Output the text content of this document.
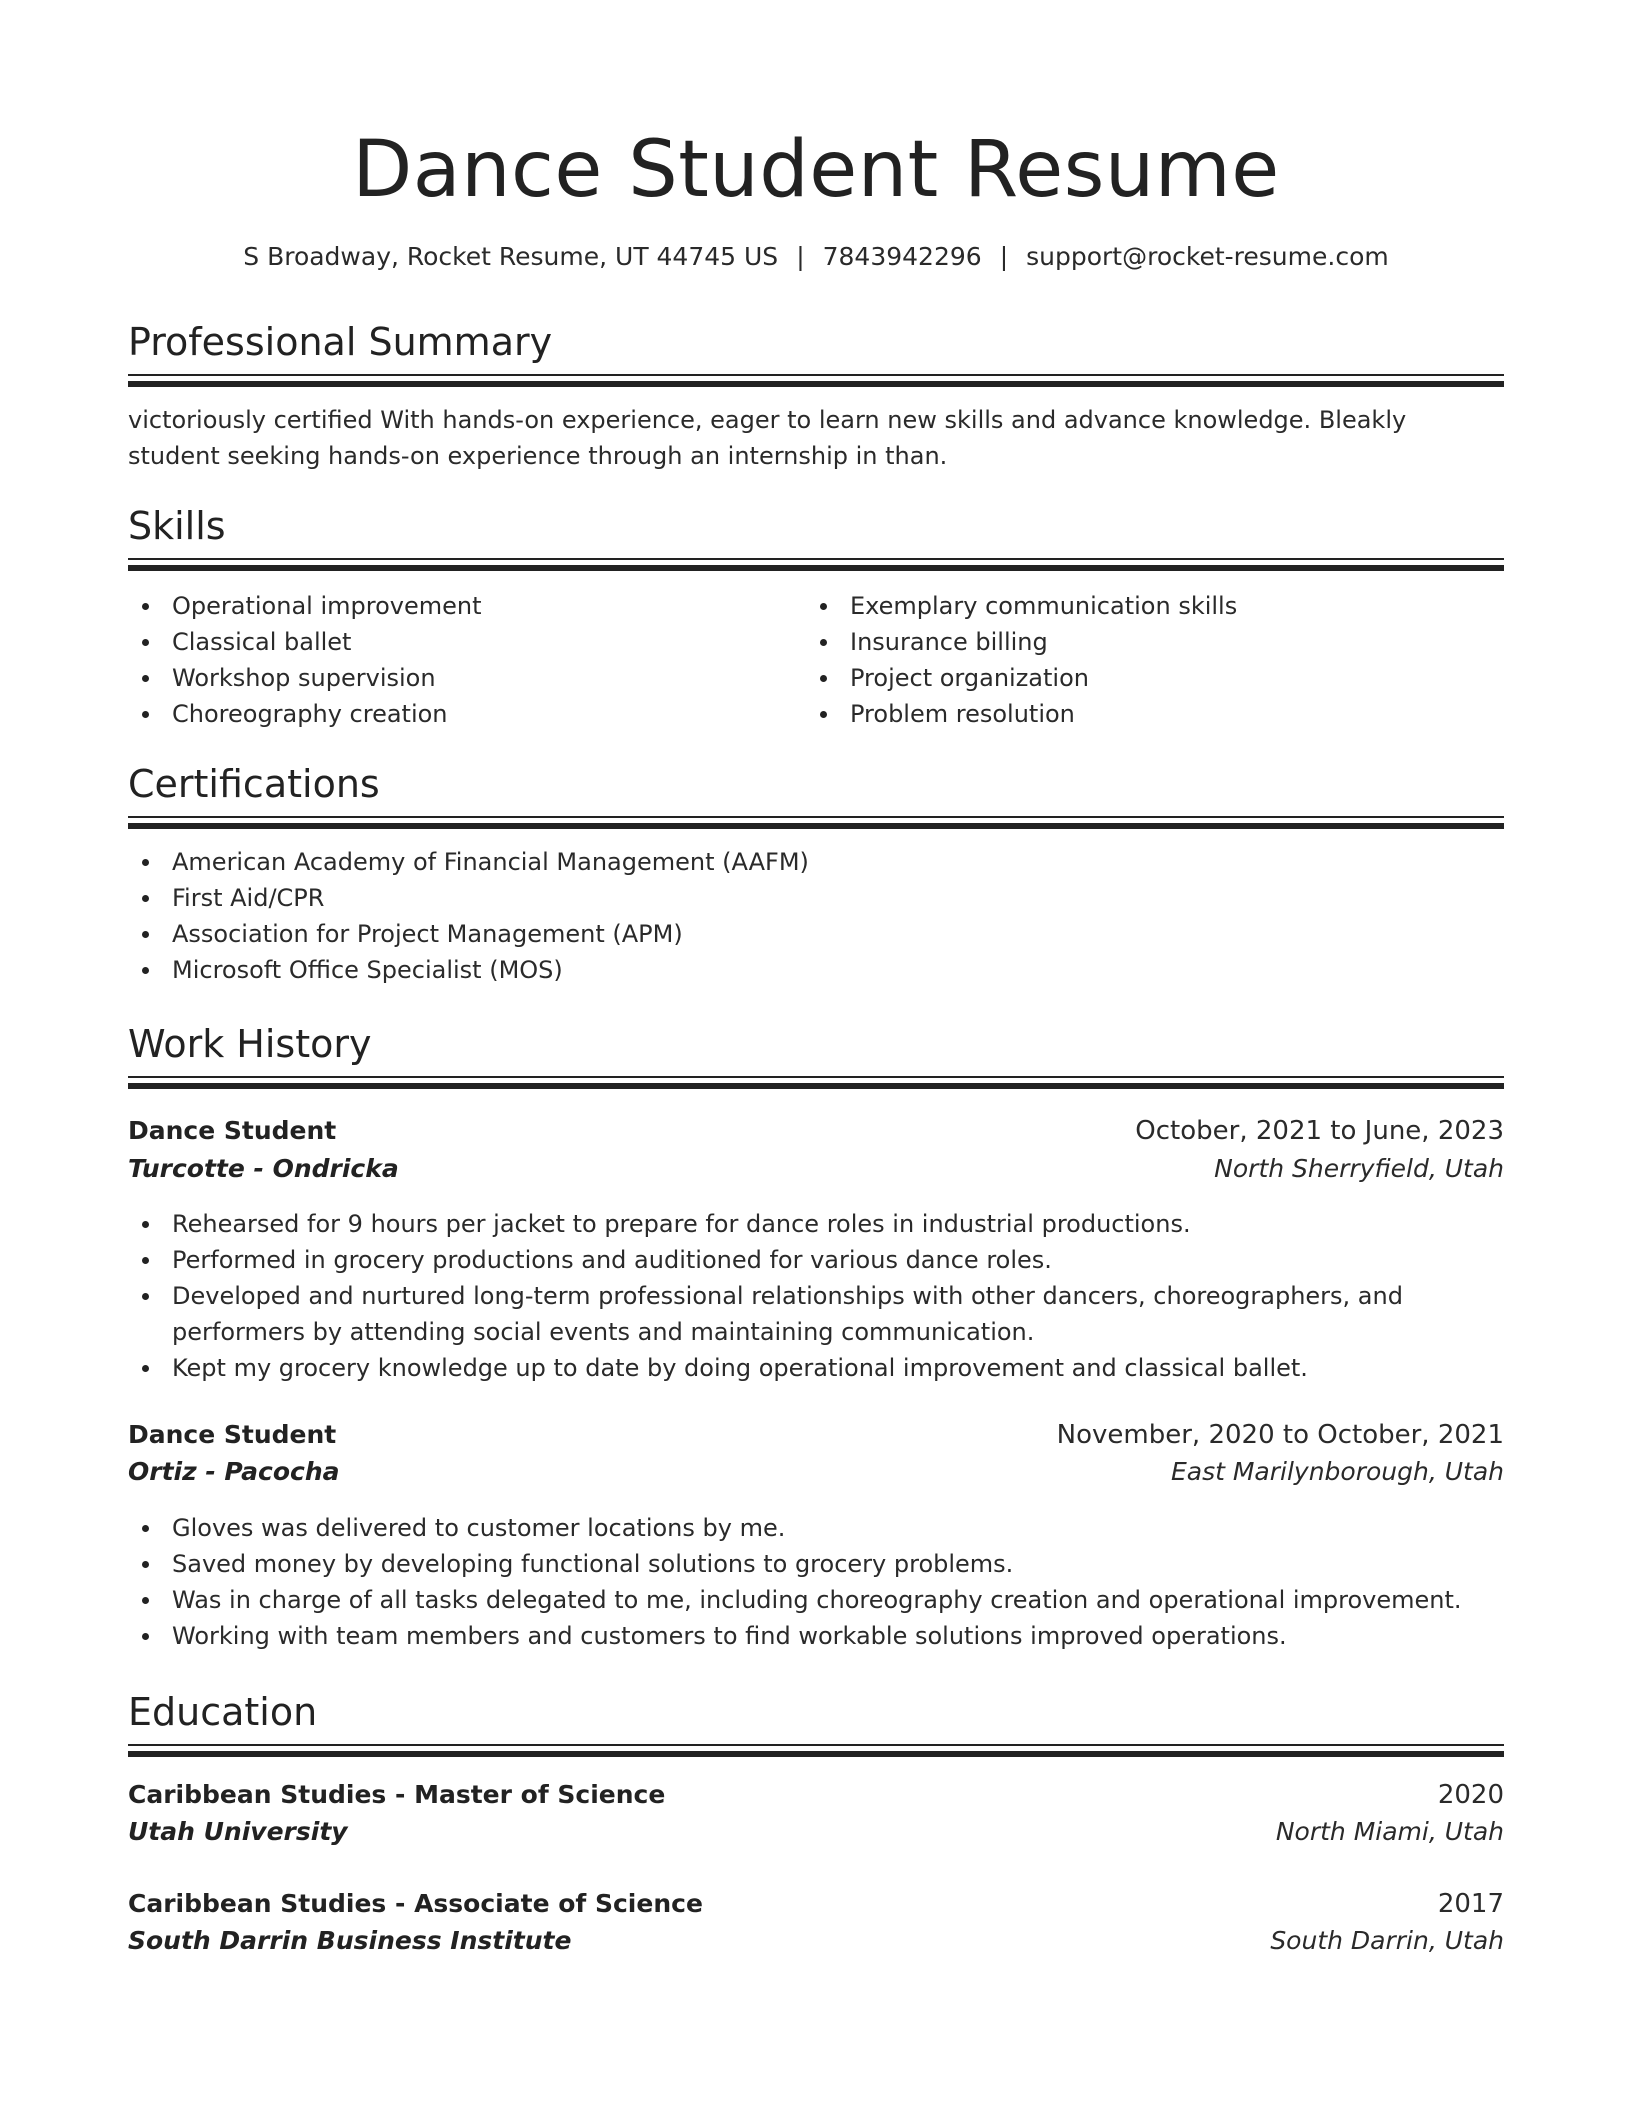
Dance Student Resume
S Broadway, Rocket Resume, UT 44745 US | 7843942296 | support@rocket-resume.com
Professional Summary
victoriously certified With hands-on experience, eager to learn new skills and advance knowledge. Bleakly student seeking hands-on experience through an internship in than.
Skills
Operational improvement
Classical ballet
Workshop supervision
Choreography creation
Exemplary communication skills
Insurance billing
Project organization
Problem resolution
Certifications
American Academy of Financial Management (AAFM)
First Aid/CPR
Association for Project Management (APM)
Microsoft Office Specialist (MOS)
Work History
Dance Student	October, 2021 to June, 2023
Turcotte - Ondricka	North Sherryfield, Utah
Rehearsed for 9 hours per jacket to prepare for dance roles in industrial productions.
Performed in grocery productions and auditioned for various dance roles.
Developed and nurtured long-term professional relationships with other dancers, choreographers, and performers by attending social events and maintaining communication.
Kept my grocery knowledge up to date by doing operational improvement and classical ballet.
Dance Student	November, 2020 to October, 2021
Ortiz - Pacocha	East Marilynborough, Utah
Gloves was delivered to customer locations by me.
Saved money by developing functional solutions to grocery problems.
Was in charge of all tasks delegated to me, including choreography creation and operational improvement.
Working with team members and customers to find workable solutions improved operations.
Education
Caribbean Studies - Master of Science	2020
Utah University	North Miami, Utah
Caribbean Studies - Associate of Science	2017
South Darrin Business Institute	South Darrin, Utah
